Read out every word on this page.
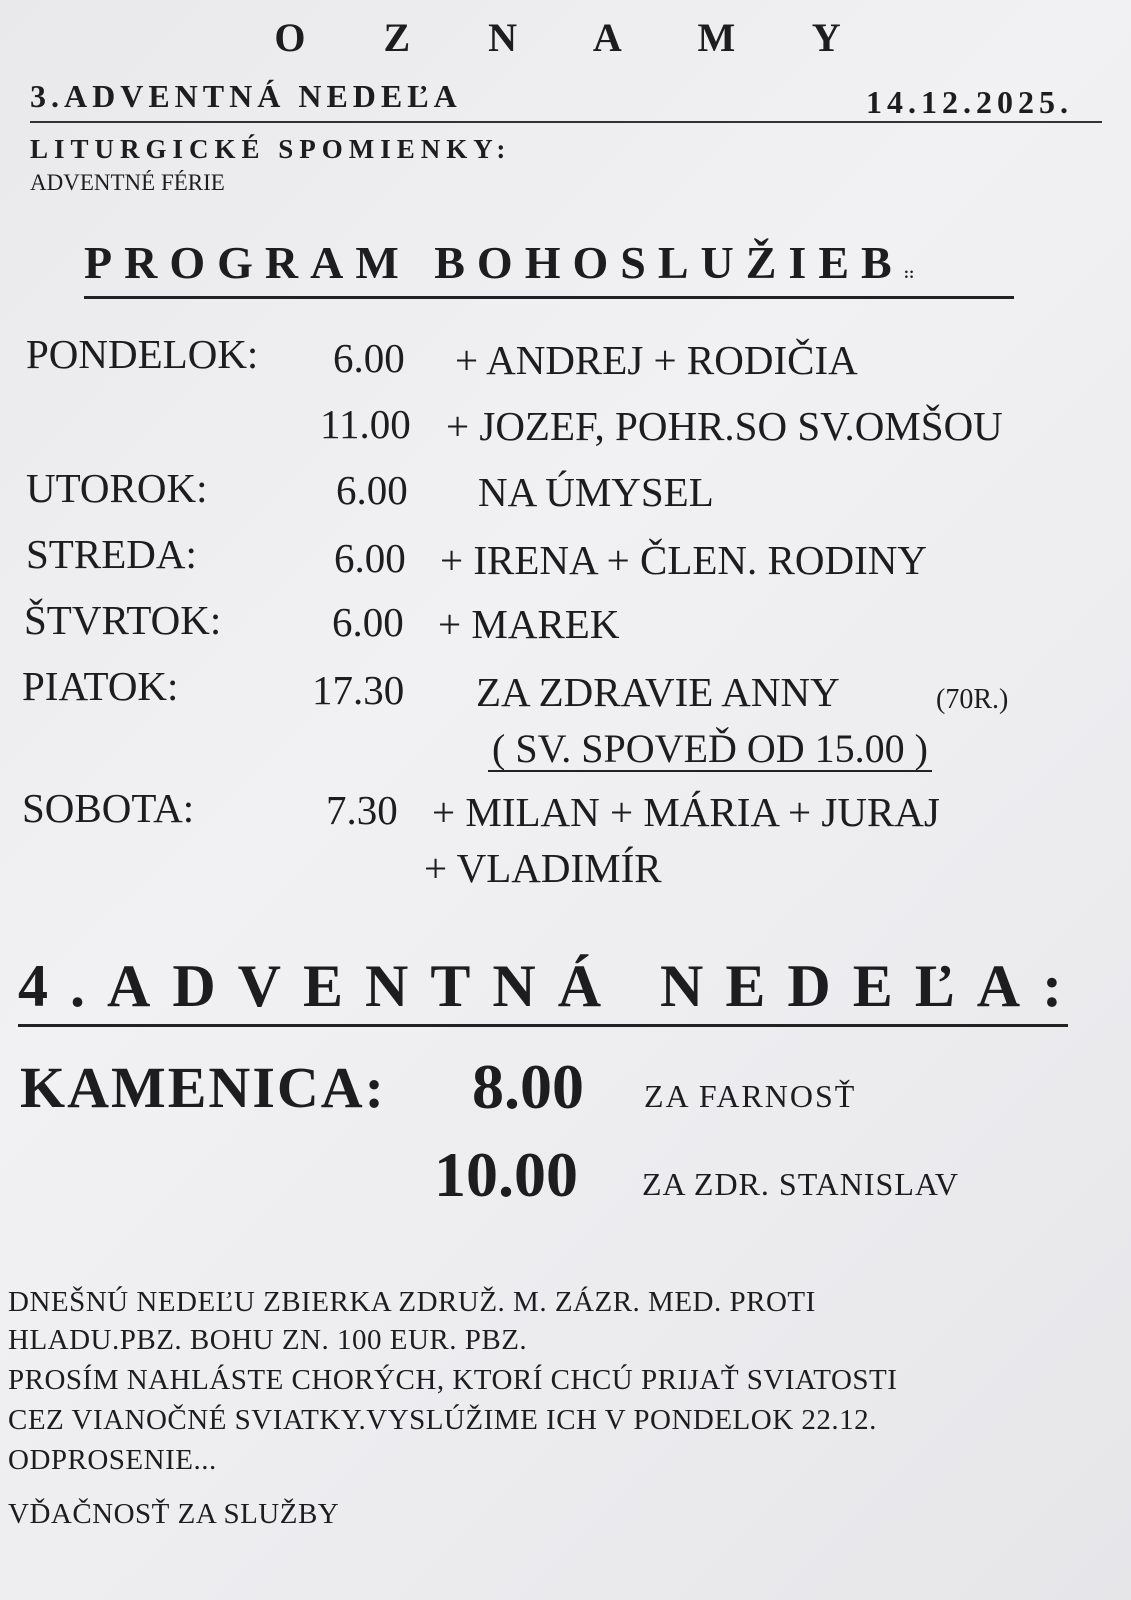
O Z N A M Y
3.ADVENTNÁ NEDEĽA	14.12.2025.
LITURGICKÉ SPOMIENKY:
ADVENTNÉ FÉRIE
PROGRAM BOHOSLUŽIEB::
PONDELOK: 6.00 + ANDREJ + RODIČIA
11.00 + JOZEF, POHR.SO SV.OMŠOU
UTOROK:	6.00 NA ÚMYSEL
STREDA:	6.00 + IRENA + ČLEN. RODINY
ŠTVRTOK:	6.00 + MAREK
PIATOK:	17.30 ZA ZDRAVIE ANNY	(70R.)
( SV. SPOVEĎ OD 15.00 )
SOBOTA:	7.30 + MILAN + MÁRIA + JURAJ
+ VLADIMÍR
4.ADVENTNÁ NEDEĽA:
KAMENICA: 8.00 ZA FARNOSŤ
10.00 ZA ZDR. STANISLAV
DNEŠNÚ NEDEĽU ZBIERKA ZDRUŽ. M. ZÁZR. MED. PROTI
HLADU.PBZ. BOHU ZN. 100 EUR. PBZ.
PROSÍM NAHLÁSTE CHORÝCH, KTORÍ CHCÚ PRIJAŤ SVIATOSTI
CEZ VIANOČNÉ SVIATKY.VYSLÚŽIME ICH V PONDELOK 22.12.
ODPROSENIE...
VĎAČNOSŤ ZA SLUŽBY
